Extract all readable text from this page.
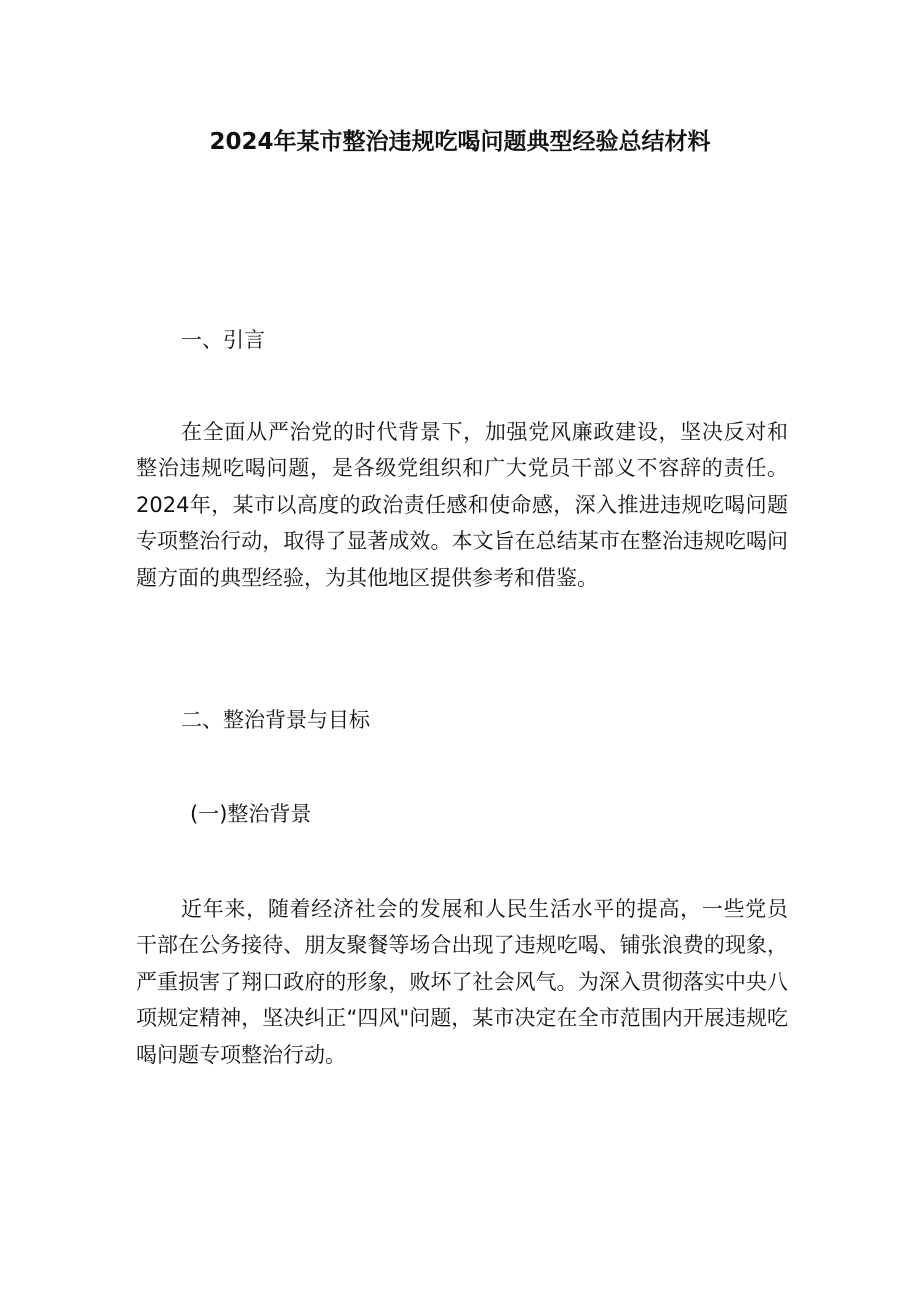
2024年某市整治违规吃喝问题典型经验总结材料
一、引言

在全面从严治党的时代背景下，加强党风廉政建设，坚决反对和整治违规吃喝问题，是各级党组织和广大党员干部义不容辞的责任。2024年，某市以高度的政治责任感和使命感，深入推进违规吃喝问题专项整治行动，取得了显著成效。本文旨在总结某市在整治违规吃喝问题方面的典型经验，为其他地区提供参考和借鉴。

二、整治背景与目标
(一)整治背景

近年来，随着经济社会的发展和人民生活水平的提高，一些党员干部在公务接待、朋友聚餐等场合出现了违规吃喝、铺张浪费的现象，严重损害了翔口政府的形象，败坏了社会风气。为深入贯彻落实中央八项规定精神，坚决纠正“四风"问题，某市决定在全市范围内开展违规吃喝问题专项整治行动。
